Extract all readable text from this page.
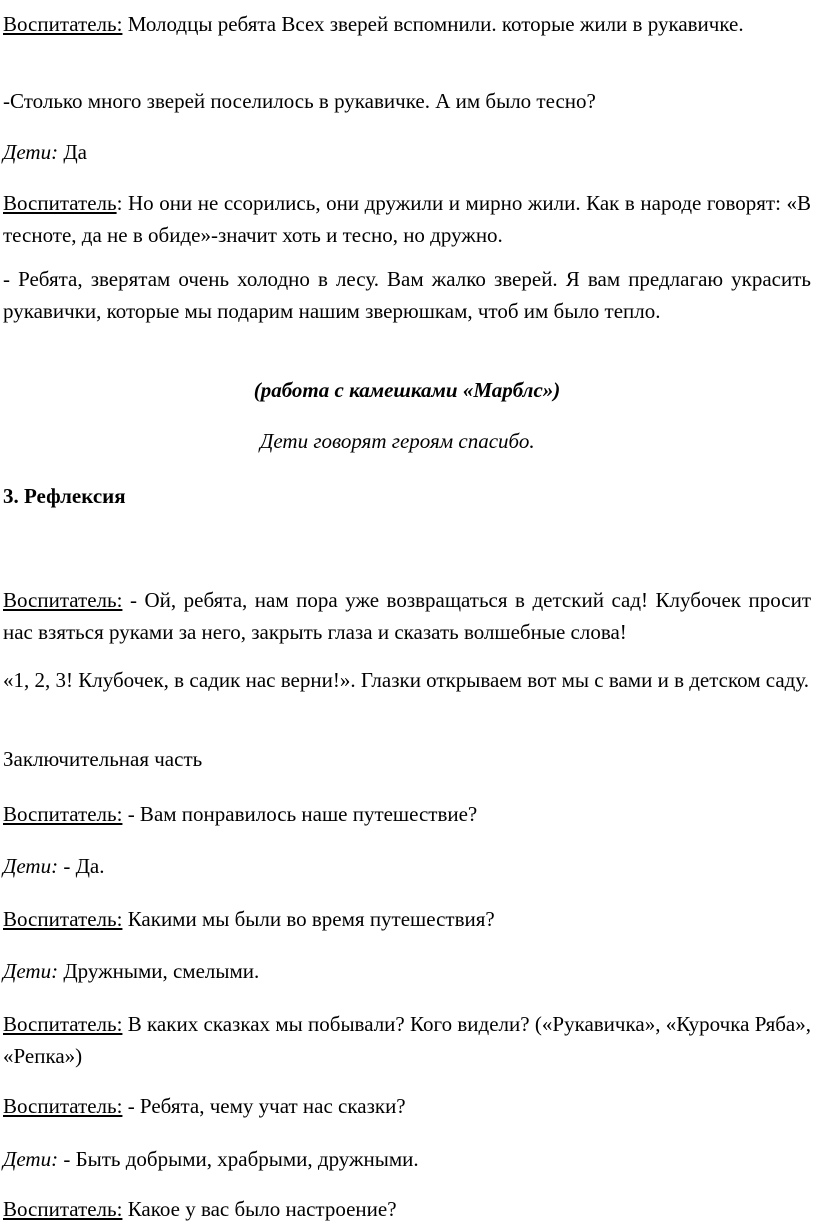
Воспитатель: Молодцы ребята Всех зверей вспомнили. которые жили в рукавичке.

-Столько много зверей поселилось в рукавичке. А им было тесно?

Дети: Да

Воспитатель: Но они не ссорились, они дружили и мирно жили. Как в народе говорят: «В тесноте, да не в обиде»-значит хоть и тесно, но дружно.

- Ребята, зверятам очень холодно в лесу. Вам жалко зверей. Я вам предлагаю украсить рукавички, которые мы подарим нашим зверюшкам, чтоб им было тепло.

(работа с камешками «Марблс»)

Дети говорят героям спасибо.

3. Рефлексия

Воспитатель: - Ой, ребята, нам пора уже возвращаться в детский сад! Клубочек просит нас взяться руками за него, закрыть глаза и сказать волшебные слова!

«1, 2, 3! Клубочек, в садик нас верни!». Глазки открываем вот мы с вами и в детском саду.

Заключительная часть

Воспитатель: - Вам понравилось наше путешествие?

Дети: - Да.

Воспитатель: Какими мы были во время путешествия?

Дети: Дружными, смелыми.

Воспитатель: В каких сказках мы побывали? Кого видели? («Рукавичка», «Курочка Ряба», «Репка»)

Воспитатель: - Ребята, чему учат нас сказки?

Дети: - Быть добрыми, храбрыми, дружными.

Воспитатель: Какое у вас было настроение?
